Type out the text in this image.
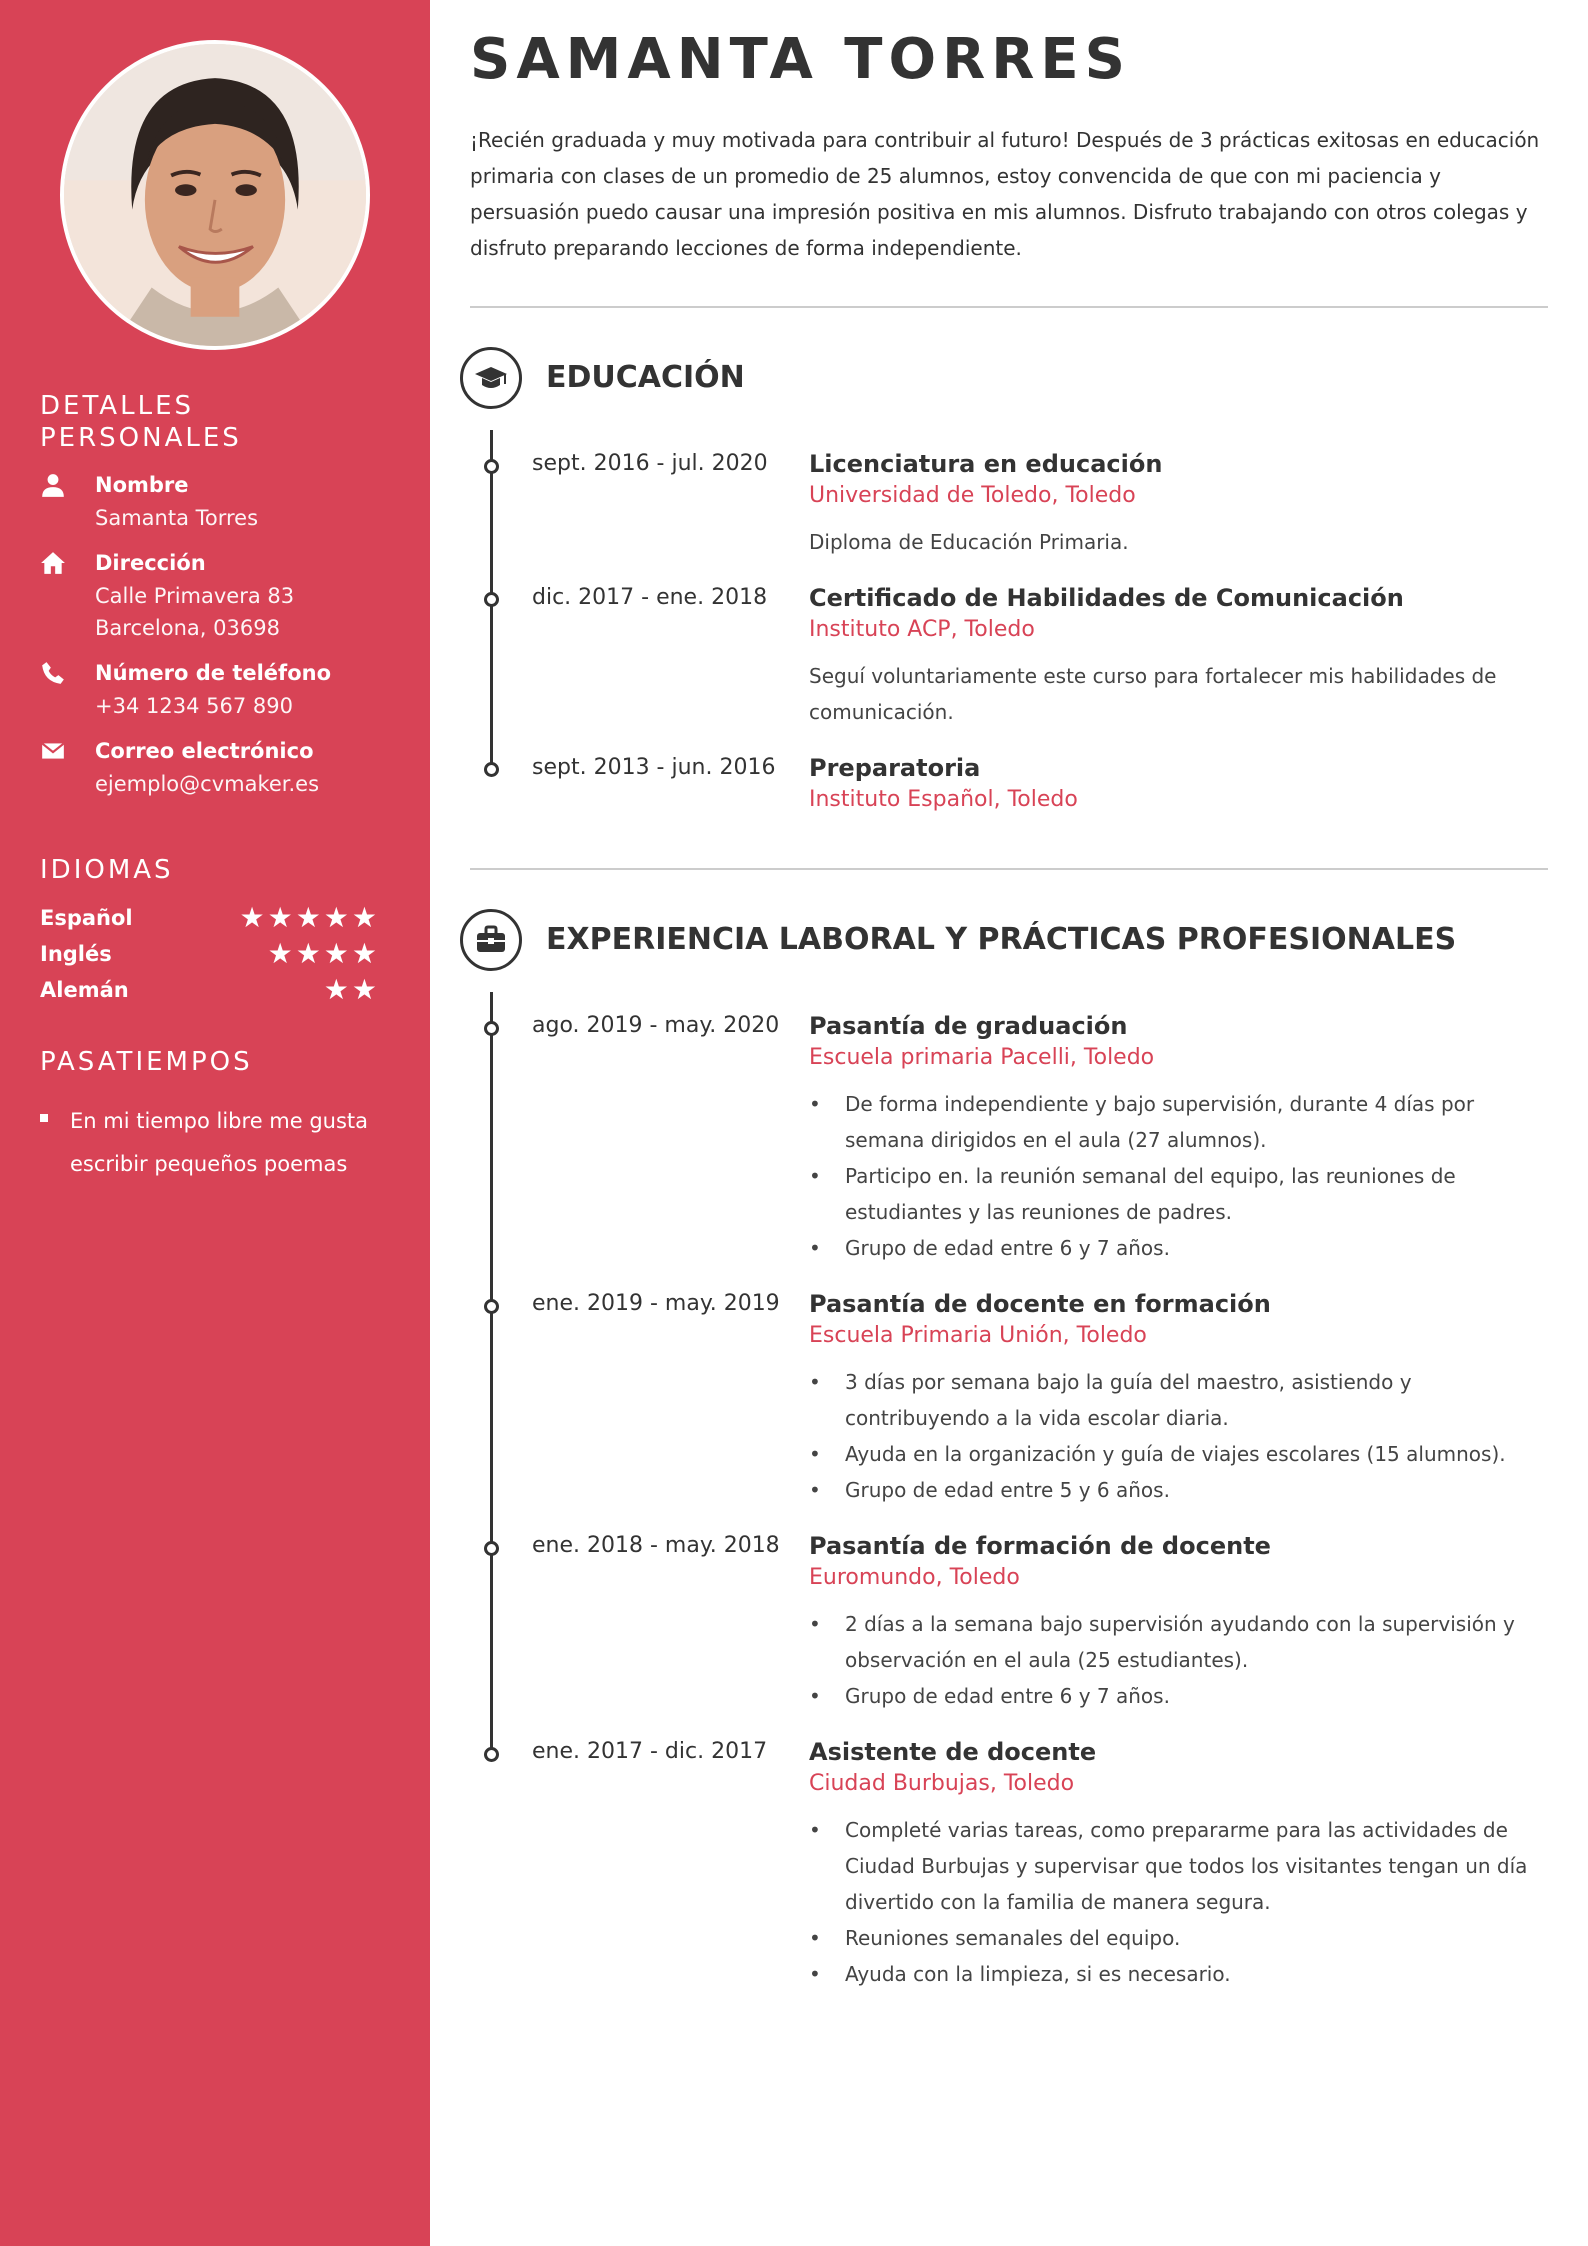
DETALLES PERSONALES
Nombre
Samanta Torres
Dirección
Calle Primavera 83
Barcelona, 03698
Número de teléfono
+34 1234 567 890
Correo electrónico
ejemplo@cvmaker.es
IDIOMAS
Español	★★★★★
Inglés	★★★★
Alemán	★★
PASATIEMPOS
En mi tiempo libre me gusta escribir pequeños poemas
SAMANTA TORRES

¡Recién graduada y muy motivada para contribuir al futuro! Después de 3 prácticas exitosas en educación primaria con clases de un promedio de 25 alumnos, estoy convencida de que con mi paciencia y persuasión puedo causar una impresión positiva en mis alumnos. Disfruto trabajando con otros colegas y disfruto preparando lecciones de forma independiente.

EDUCACIÓN
sept. 2016 - jul. 2020 Licenciatura en educación
Universidad de Toledo, Toledo
Diploma de Educación Primaria.
dic. 2017 - ene. 2018 Certificado de Habilidades de Comunicación
Instituto ACP, Toledo
Seguí voluntariamente este curso para fortalecer mis habilidades de comunicación.
sept. 2013 - jun. 2016 Preparatoria
Instituto Español, Toledo
EXPERIENCIA LABORAL Y PRÁCTICAS PROFESIONALES
ago. 2019 - may. 2020 Pasantía de graduación
Escuela primaria Pacelli, Toledo
• De forma independiente y bajo supervisión, durante 4 días por semana dirigidos en el aula (27 alumnos).
• Participo en. la reunión semanal del equipo, las reuniones de estudiantes y las reuniones de padres.
• Grupo de edad entre 6 y 7 años.
ene. 2019 - may. 2019 Pasantía de docente en formación
Escuela Primaria Unión, Toledo
• 3 días por semana bajo la guía del maestro, asistiendo y contribuyendo a la vida escolar diaria.
• Ayuda en la organización y guía de viajes escolares (15 alumnos).
• Grupo de edad entre 5 y 6 años.
ene. 2018 - may. 2018 Pasantía de formación de docente
Euromundo, Toledo
• 2 días a la semana bajo supervisión ayudando con la supervisión y observación en el aula (25 estudiantes).
• Grupo de edad entre 6 y 7 años.
ene. 2017 - dic. 2017 Asistente de docente
Ciudad Burbujas, Toledo
• Completé varias tareas, como prepararme para las actividades de Ciudad Burbujas y supervisar que todos los visitantes tengan un día divertido con la familia de manera segura.
• Reuniones semanales del equipo.
• Ayuda con la limpieza, si es necesario.
